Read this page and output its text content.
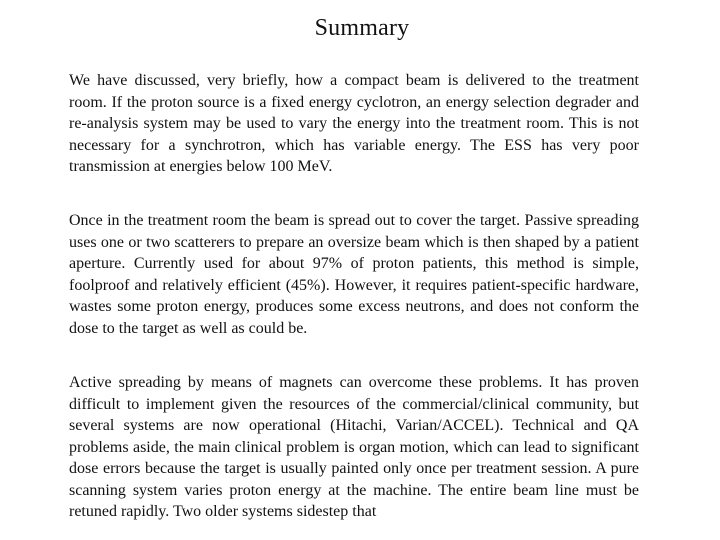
Summary

We have discussed, very briefly, how a compact beam is delivered to the treatment room. If the proton source is a fixed energy cyclotron, an energy selection degrader and re-analysis system may be used to vary the energy into the treatment room. This is not necessary for a synchrotron, which has variable energy. The ESS has very poor transmission at energies below 100 MeV.

Once in the treatment room the beam is spread out to cover the target. Passive spreading uses one or two scatterers to prepare an oversize beam which is then shaped by a patient aperture. Currently used for about 97% of proton patients, this method is simple, foolproof and relatively efficient (45%). However, it requires patient-specific hardware, wastes some proton energy, produces some excess neutrons, and does not conform the dose to the target as well as could be.

Active spreading by means of magnets can overcome these problems. It has proven difficult to implement given the resources of the commercial/clinical community, but several systems are now operational (Hitachi, Varian/ACCEL). Technical and QA problems aside, the main clinical problem is organ motion, which can lead to significant dose errors because the target is usually painted only once per treatment session. A pure scanning system varies proton energy at the machine. The entire beam line must be retuned rapidly. Two older systems sidestep that
